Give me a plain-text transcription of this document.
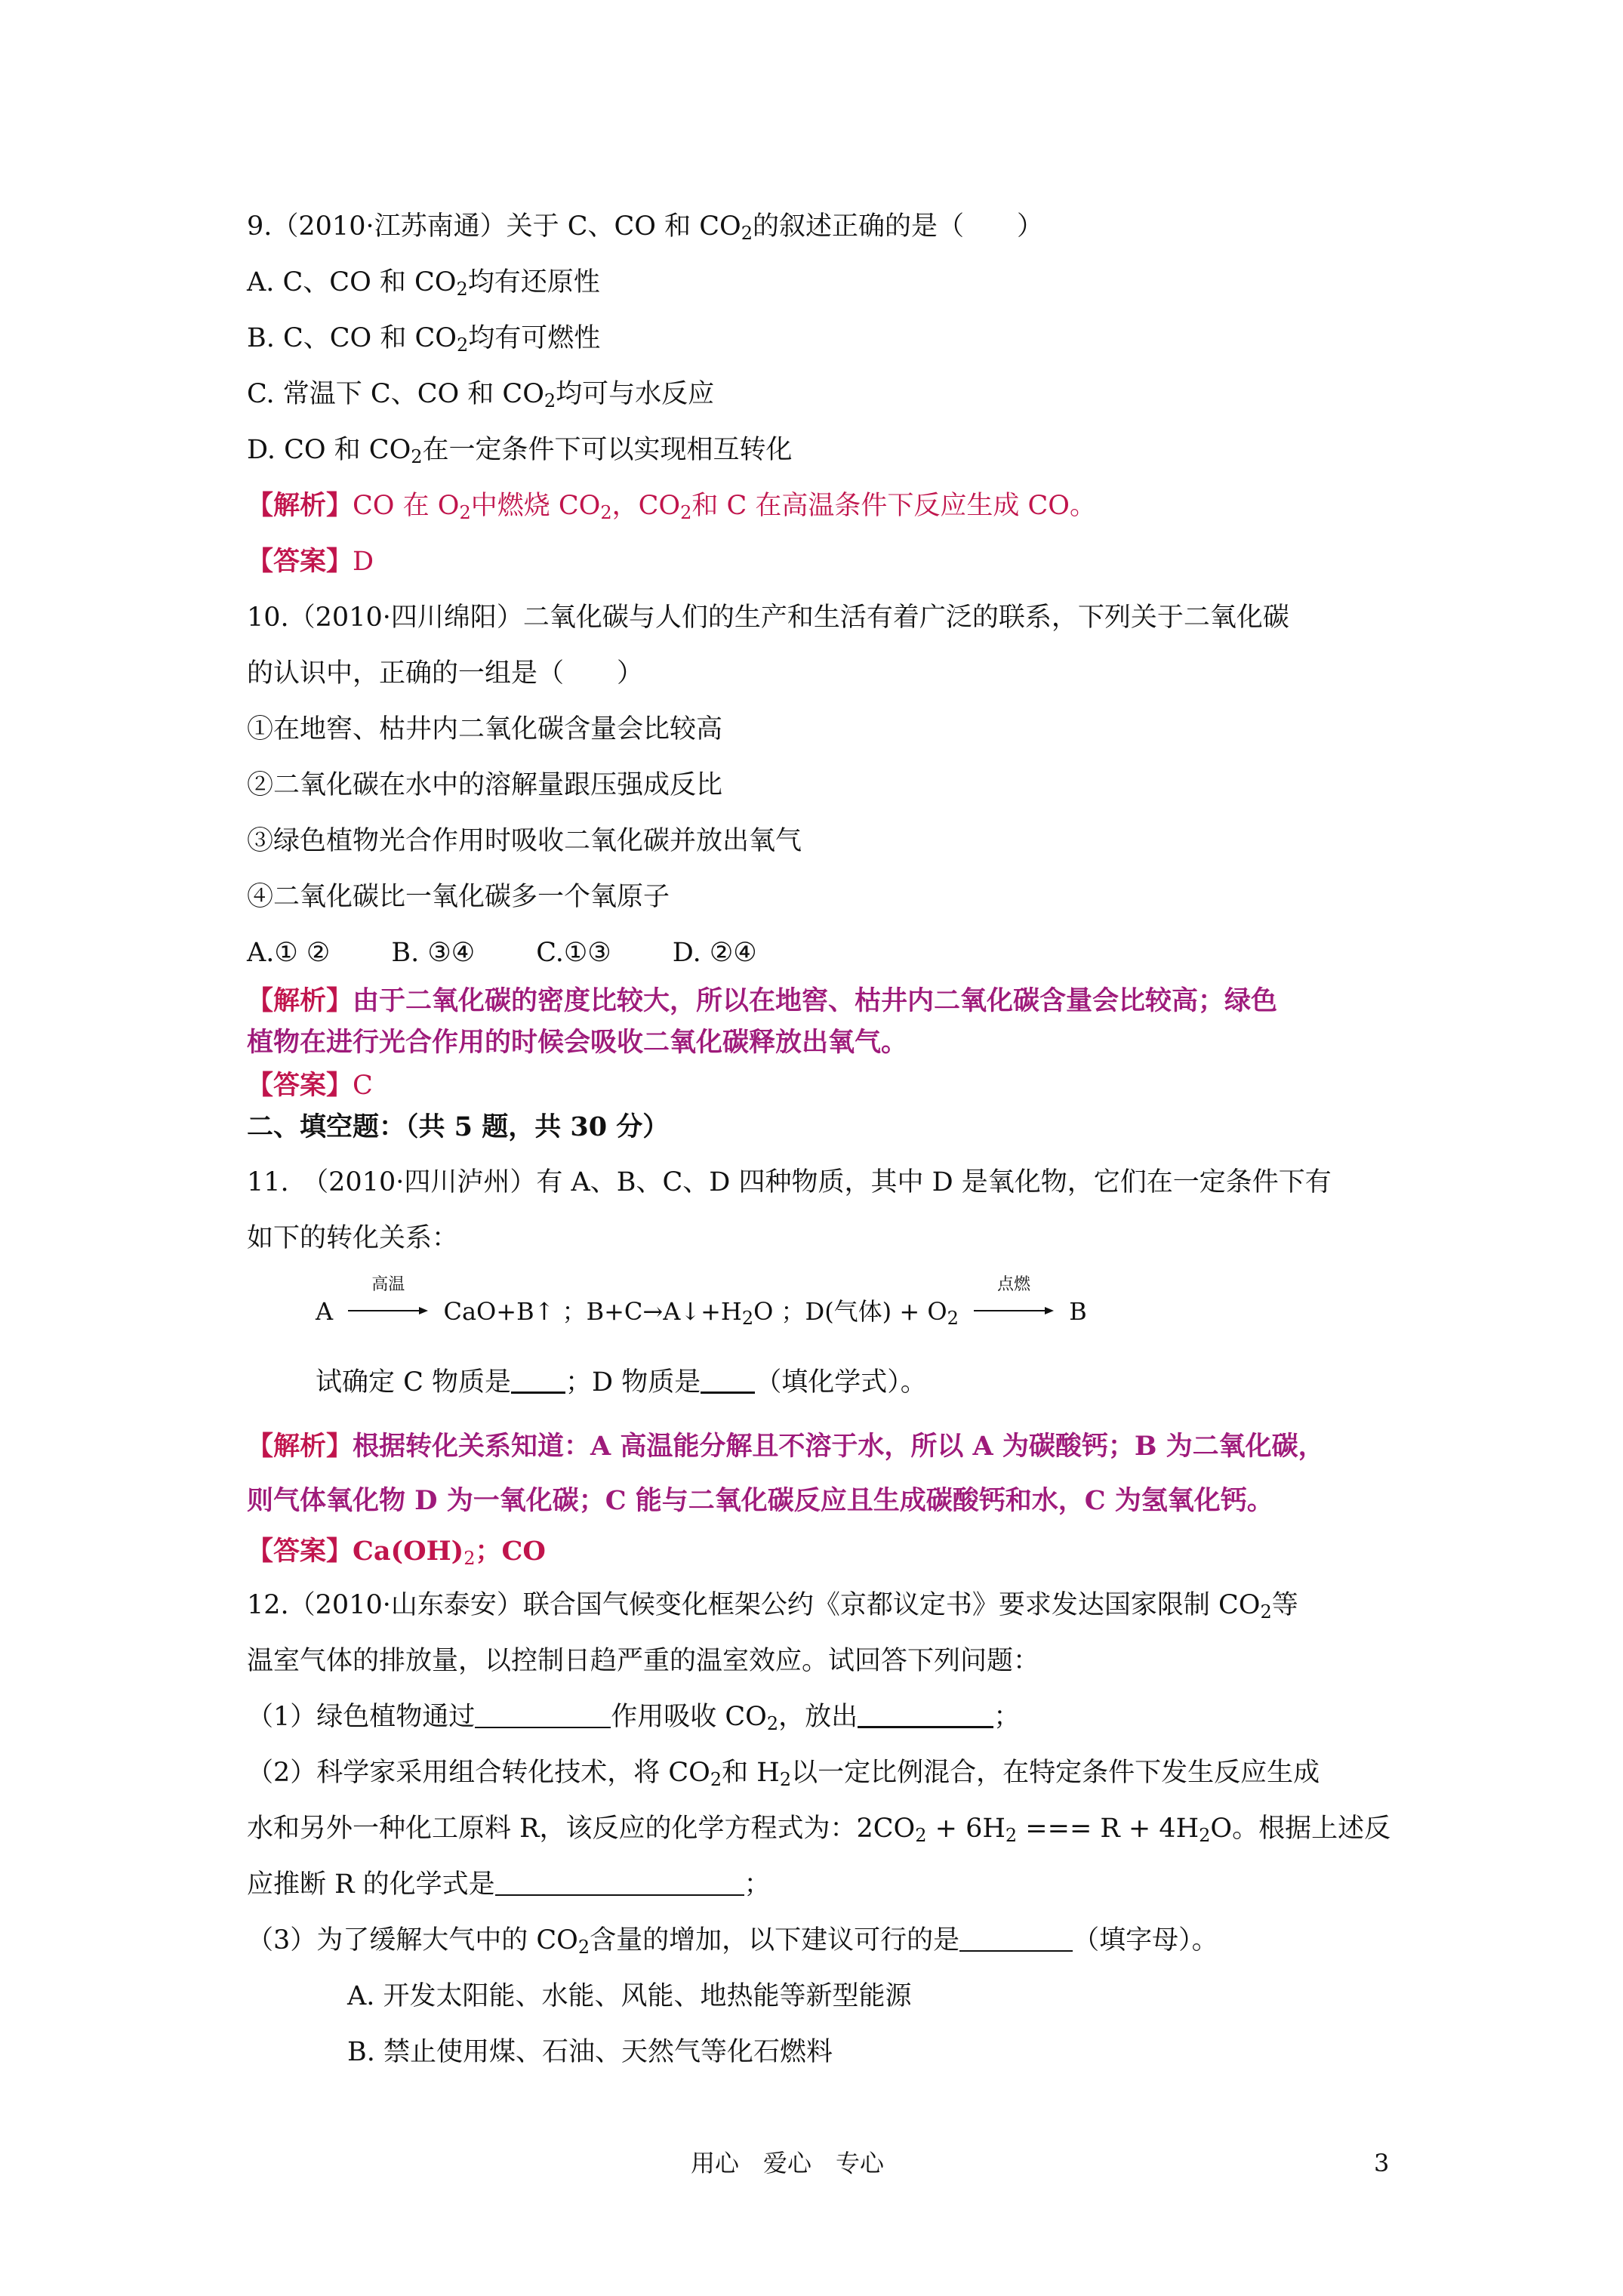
9.（2010·江苏南通）关于 C、CO 和 $CO_2$的叙述正确的是（　　）
A. C、CO 和 $CO_2$均有还原性
B. C、CO 和 $CO_2$均有可燃性
C. 常温下 C、CO 和 $CO_2$均可与水反应
D. CO 和 $CO_2$在一定条件下可以实现相互转化
【解析】CO 在 $O_2$中燃烧 $CO_2$，$CO_2$和 C 在高温条件下反应生成 CO。
【答案】D
10.（2010·四川绵阳）二氧化碳与人们的生产和生活有着广泛的联系，下列关于二氧化碳
的认识中，正确的一组是（　　）
①在地窖、枯井内二氧化碳含量会比较高
②二氧化碳在水中的溶解量跟压强成反比
③绿色植物光合作用时吸收二氧化碳并放出氧气
④二氧化碳比一氧化碳多一个氧原子
A.① ②　　 B. ③④　　 C.①③　　 D. ②④
【解析】由于二氧化碳的密度比较大，所以在地窖、枯井内二氧化碳含量会比较高；绿色
植物在进行光合作用的时候会吸收二氧化碳释放出氧气。
【答案】C
二、填空题：（共 5 题，共 30 分）
11.　（2010·四川泸州）有 A、B、C、D 四种物质，其中 D 是氧化物，它们在一定条件下有
如下的转化关系：
A
高温
CaO+B↑ ；$B+C\to A↓+H_2O$ ；D(气体) + $O_2$
点燃
B
试确定 C 物质是 ；D 物质是 （填化学式）。
【解析】根据转化关系知道：A 高温能分解且不溶于水，所以 A 为碳酸钙；B 为二氧化碳，
则气体氧化物 D 为一氧化碳；C 能与二氧化碳反应且生成碳酸钙和水，C 为氢氧化钙。
【答案】$Ca(OH)_2$；CO
12.（2010·山东泰安）联合国气候变化框架公约《京都议定书》要求发达国家限制 $CO_2$等
温室气体的排放量，以控制日趋严重的温室效应。试回答下列问题：
（1）绿色植物通过	作用吸收 $CO_2$，放出	；
（2）科学家采用组合转化技术，将 $CO_2$和 $H_2$以一定比例混合，在特定条件下发生反应生成
水和另外一种化工原料 R，该反应的化学方程式为：$2CO_2 + 6H_2$ === $R + 4H_2O$。根据上述反
应推断 R 的化学式是	；
（3）为了缓解大气中的 $CO_2$含量的增加，以下建议可行的是	（填字母）。
A. 开发太阳能、水能、风能、地热能等新型能源
B. 禁止使用煤、石油、天然气等化石燃料
用心　爱心　专心	3
